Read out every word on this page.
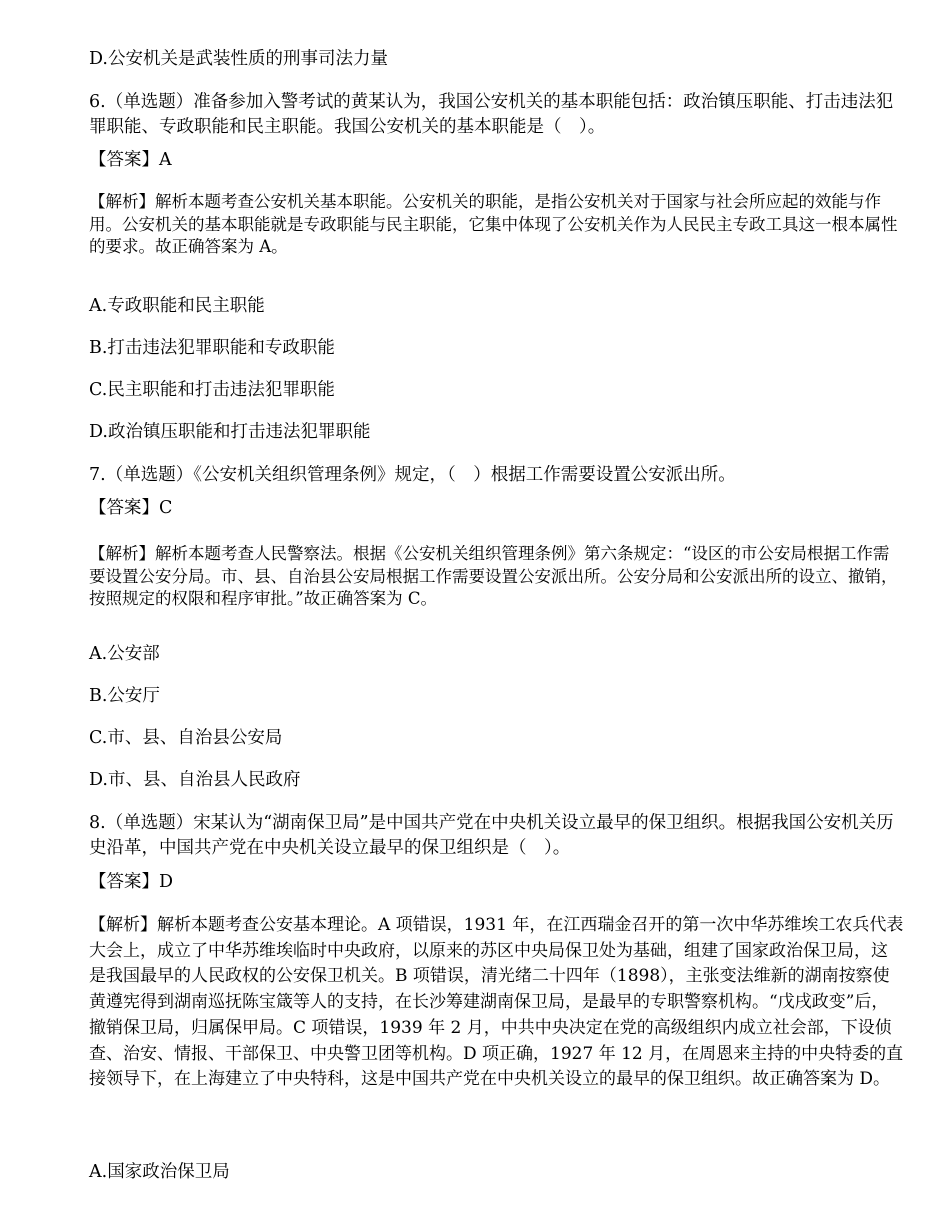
D.公安机关是武装性质的刑事司法力量
6.（单选题）准备参加入警考试的黄某认为，我国公安机关的基本职能包括：政治镇压职能、打击违法犯罪职能、专政职能和民主职能。我国公安机关的基本职能是（　）。
【答案】A
【解析】解析本题考查公安机关基本职能。公安机关的职能，是指公安机关对于国家与社会所应起的效能与作用。公安机关的基本职能就是专政职能与民主职能，它集中体现了公安机关作为人民民主专政工具这一根本属性的要求。故正确答案为 A。
A.专政职能和民主职能
B.打击违法犯罪职能和专政职能
C.民主职能和打击违法犯罪职能
D.政治镇压职能和打击违法犯罪职能
7.（单选题）《公安机关组织管理条例》规定，（　）根据工作需要设置公安派出所。
【答案】C
【解析】解析本题考查人民警察法。根据《公安机关组织管理条例》第六条规定：“设区的市公安局根据工作需要设置公安分局。市、县、自治县公安局根据工作需要设置公安派出所。公安分局和公安派出所的设立、撤销，按照规定的权限和程序审批。”故正确答案为 C。
A.公安部
B.公安厅
C.市、县、自治县公安局
D.市、县、自治县人民政府
8.（单选题）宋某认为“湖南保卫局”是中国共产党在中央机关设立最早的保卫组织。根据我国公安机关历史沿革，中国共产党在中央机关设立最早的保卫组织是（　）。
【答案】D
【解析】解析本题考查公安基本理论。A 项错误，1931 年，在江西瑞金召开的第一次中华苏维埃工农兵代表大会上，成立了中华苏维埃临时中央政府，以原来的苏区中央局保卫处为基础，组建了国家政治保卫局，这是我国最早的人民政权的公安保卫机关。B 项错误，清光绪二十四年（1898），主张变法维新的湖南按察使黄遵宪得到湖南巡抚陈宝箴等人的支持，在长沙筹建湖南保卫局，是最早的专职警察机构。“戊戌政变”后，撤销保卫局，归属保甲局。C 项错误，1939 年 2 月，中共中央决定在党的高级组织内成立社会部，下设侦查、治安、情报、干部保卫、中央警卫团等机构。D 项正确，1927 年 12 月，在周恩来主持的中央特委的直接领导下，在上海建立了中央特科，这是中国共产党在中央机关设立的最早的保卫组织。故正确答案为 D。
A.国家政治保卫局
